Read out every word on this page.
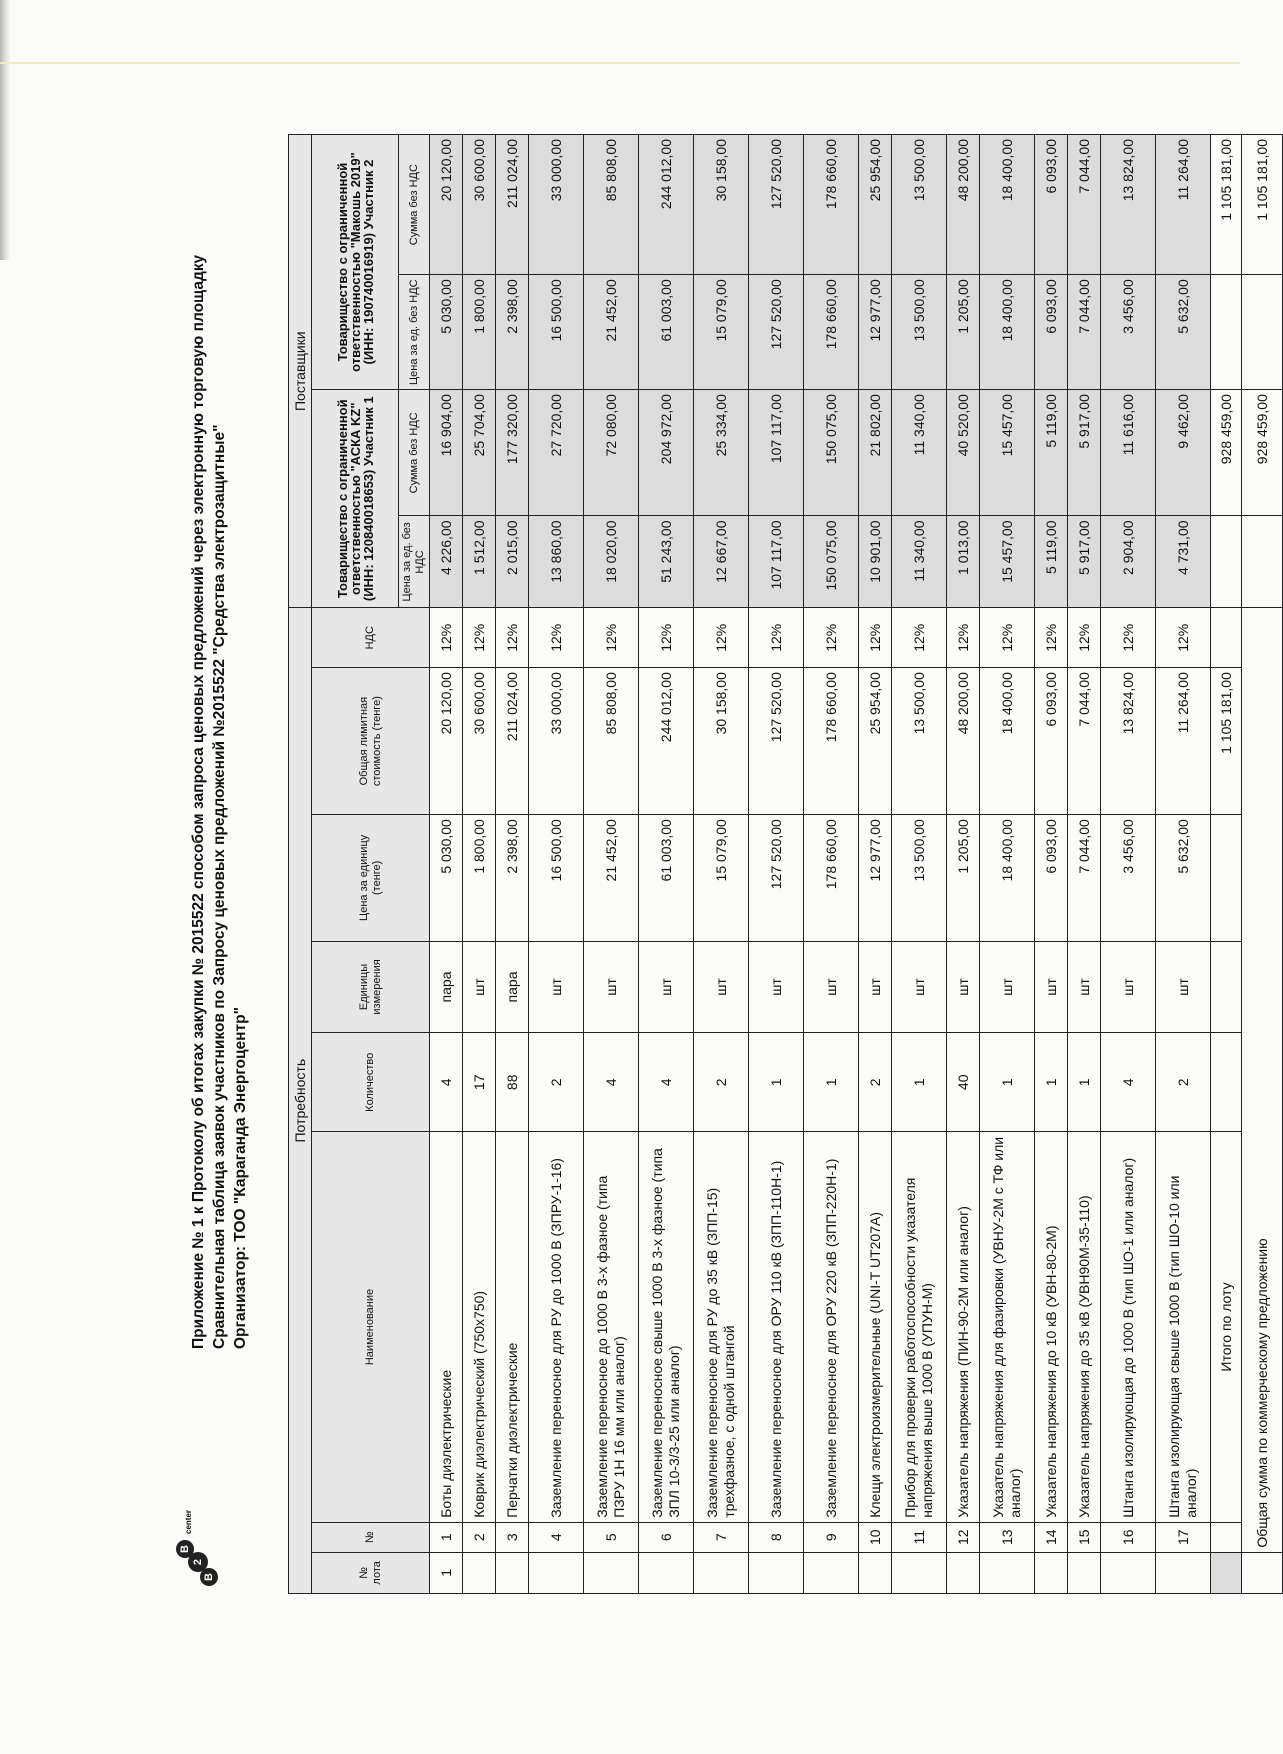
B
2
B
center
Приложение № 1 к Протоколу об итогах закупки № 2015522 способом запроса ценовых предложений через электронную торговую площадку Сравнительная таблица заявок участников по Запросу ценовых предложений №2015522 "Средства электрозащитные" Организатор: ТОО "Караганда Энергоцентр"	Потребность								Поставщики			
№ лота	№	Наименование	Количество	Единицы измерения	Цена за единицу (тенге)	Общая лимитная стоимость (тенге)	НДС	Товарищество с ограниченной ответственностью "АСКА KZ" (ИНН: 120840018653) Участник 1		Товарищество с ограниченной ответственностью "Макошь 2019" (ИНН: 190740016919) Участник 2	
								Цена за ед. без НДС	Сумма без НДС	Цена за ед. без НДС	Сумма без НДС
1	1	Боты диэлектрические	4	пара	5 030,00	20 120,00	12%	4 226,00	16 904,00	5 030,00	20 120,00
	2	Коврик диэлектрический (750х750)	17	шт	1 800,00	30 600,00	12%	1 512,00	25 704,00	1 800,00	30 600,00
	3	Перчатки диэлектрические	88	пара	2 398,00	211 024,00	12%	2 015,00	177 320,00	2 398,00	211 024,00
	4	Заземление переносное для РУ до 1000 В (ЗПРУ-1-16)	2	шт	16 500,00	33 000,00	12%	13 860,00	27 720,00	16 500,00	33 000,00
	5	Заземление переносное до 1000 В 3-х фазное (типа ПЗРУ 1Н 16 мм или аналог)	4	шт	21 452,00	85 808,00	12%	18 020,00	72 080,00	21 452,00	85 808,00
	6	Заземление переносное свыше 1000 В 3-х фазное (типа ЗПЛ 10-3/3-25 или аналог)	4	шт	61 003,00	244 012,00	12%	51 243,00	204 972,00	61 003,00	244 012,00
	7	Заземление переносное для РУ до 35 кВ (ЗПП-15) трехфазное, с одной штангой	2	шт	15 079,00	30 158,00	12%	12 667,00	25 334,00	15 079,00	30 158,00
	8	Заземление переносное для ОРУ 110 кВ (ЗПП-110Н-1)	1	шт	127 520,00	127 520,00	12%	107 117,00	107 117,00	127 520,00	127 520,00
	9	Заземление переносное для ОРУ 220 кВ (ЗПП-220Н-1)	1	шт	178 660,00	178 660,00	12%	150 075,00	150 075,00	178 660,00	178 660,00
	10	Клещи электроизмерительные (UNI-T UT207A)	2	шт	12 977,00	25 954,00	12%	10 901,00	21 802,00	12 977,00	25 954,00
	11	Прибор для проверки работоспособности указателя напряжения выше 1000 В (УПУН-М)	1	шт	13 500,00	13 500,00	12%	11 340,00	11 340,00	13 500,00	13 500,00
	12	Указатель напряжения (ПИН-90-2М или аналог)	40	шт	1 205,00	48 200,00	12%	1 013,00	40 520,00	1 205,00	48 200,00
	13	Указатель напряжения для фазировки (УВНУ-2М с ТФ или аналог)	1	шт	18 400,00	18 400,00	12%	15 457,00	15 457,00	18 400,00	18 400,00
	14	Указатель напряжения до 10 кВ (УВН-80-2М)	1	шт	6 093,00	6 093,00	12%	5 119,00	5 119,00	6 093,00	6 093,00
	15	Указатель напряжения до 35 кВ (УВН90М-35-110)	1	шт	7 044,00	7 044,00	12%	5 917,00	5 917,00	7 044,00	7 044,00
	16	Штанга изолирующая до 1000 В (тип ШО-1 или аналог)	4	шт	3 456,00	13 824,00	12%	2 904,00	11 616,00	3 456,00	13 824,00
	17	Штанга изолирующая свыше 1000 В (тип ШО-10 или аналог)	2	шт	5 632,00	11 264,00	12%	4 731,00	9 462,00	5 632,00	11 264,00
		Итого по лоту				1 105 181,00			928 459,00		1 105 181,00
	Общая сумма по коммерческому предложению								928 459,00		1 105 181,00
